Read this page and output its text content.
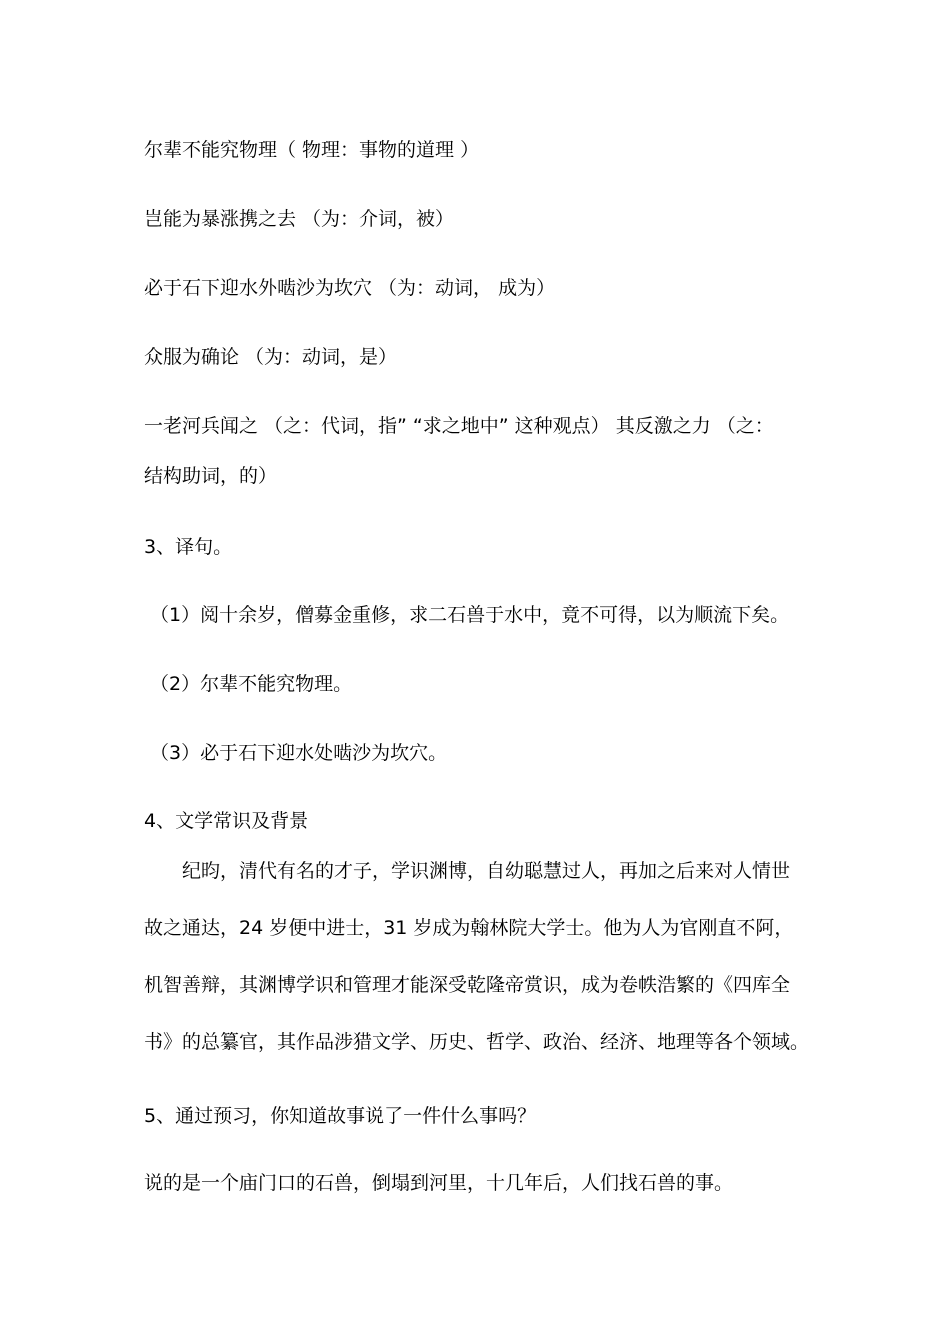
尔辈不能究物理（ 物理：事物的道理 ）

岂能为暴涨携之去 （为：介词，被）

必于石下迎水外啮沙为坎穴 （为：动词， 成为）

众服为确论 （为：动词，是）

一老河兵闻之 （之：代词，指” “求之地中” 这种观点） 其反激之力 （之：

结构助词，的）

3、译句。

（1）阅十余岁，僧募金重修，求二石兽于水中，竟不可得，以为顺流下矣。

（2）尔辈不能究物理。

（3）必于石下迎水处啮沙为坎穴。

4、文学常识及背景

纪昀，清代有名的才子，学识渊博，自幼聪慧过人，再加之后来对人情世

故之通达，24 岁便中进士，31 岁成为翰林院大学士。他为人为官刚直不阿，

机智善辩，其渊博学识和管理才能深受乾隆帝赏识，成为卷帙浩繁的《四库全

书》的总纂官，其作品涉猎文学、历史、哲学、政治、经济、地理等各个领域。

5、通过预习，你知道故事说了一件什么事吗？

说的是一个庙门口的石兽，倒塌到河里，十几年后，人们找石兽的事。
